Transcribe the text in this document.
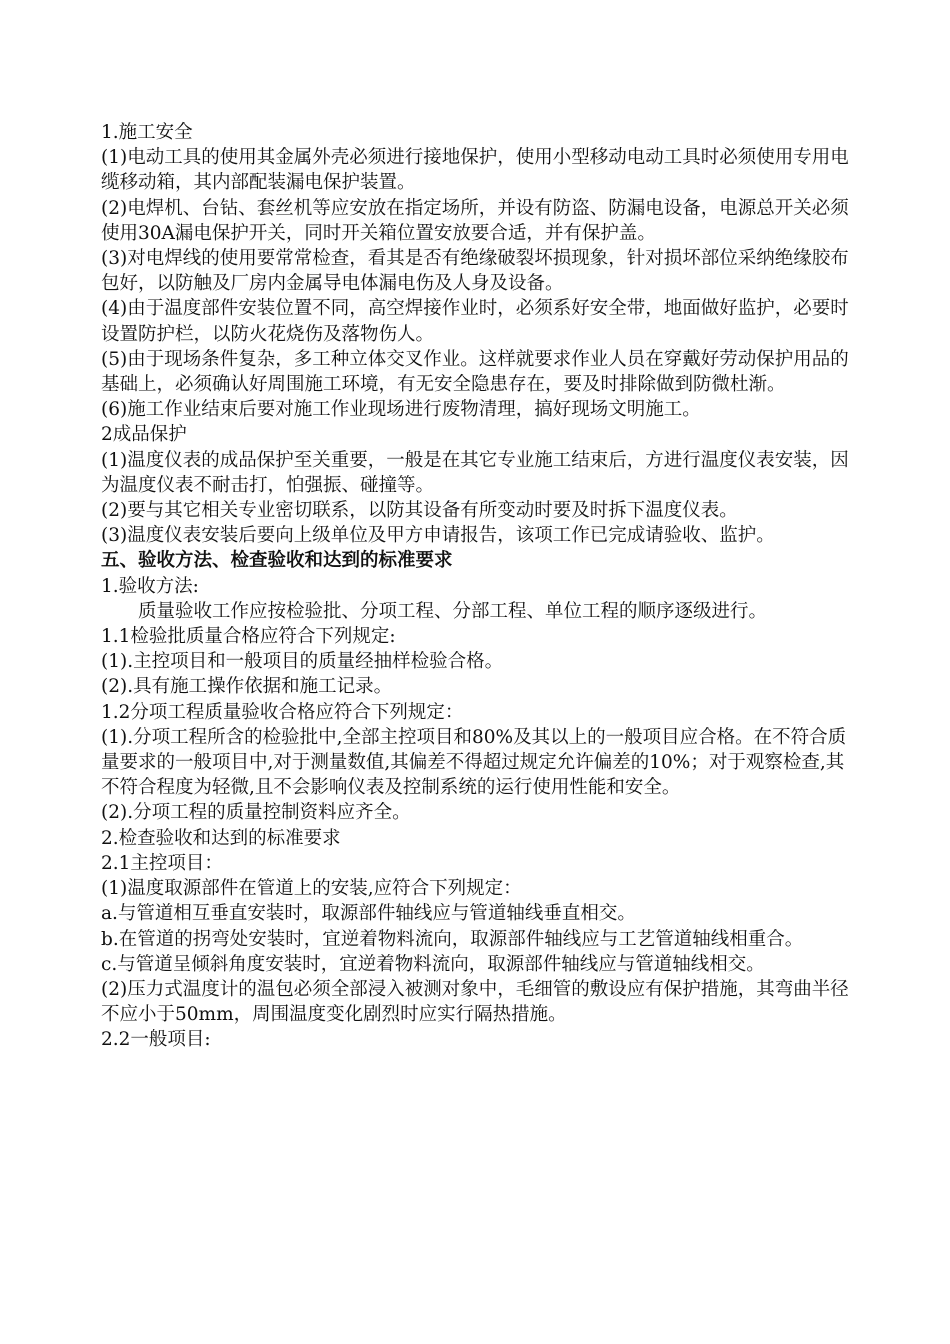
1.施工安全
(1)电动工具的使用其金属外壳必须进行接地保护，使用小型移动电动工具时必须使用专用电缆移动箱，其内部配装漏电保护装置。
(2)电焊机、台钻、套丝机等应安放在指定场所，并设有防盗、防漏电设备，电源总开关必须使用30A漏电保护开关，同时开关箱位置安放要合适，并有保护盖。
(3)对电焊线的使用要常常检查，看其是否有绝缘破裂坏损现象，针对损坏部位采纳绝缘胶布包好，以防触及厂房内金属导电体漏电伤及人身及设备。
(4)由于温度部件安装位置不同，高空焊接作业时，必须系好安全带，地面做好监护，必要时设置防护栏，以防火花烧伤及落物伤人。
(5)由于现场条件复杂，多工种立体交叉作业。这样就要求作业人员在穿戴好劳动保护用品的基础上，必须确认好周围施工环境，有无安全隐患存在，要及时排除做到防微杜渐。
(6)施工作业结束后要对施工作业现场进行废物清理，搞好现场文明施工。
2成品保护
(1)温度仪表的成品保护至关重要，一般是在其它专业施工结束后，方进行温度仪表安装，因为温度仪表不耐击打，怕强振、碰撞等。
(2)要与其它相关专业密切联系，以防其设备有所变动时要及时拆下温度仪表。
(3)温度仪表安装后要向上级单位及甲方申请报告，该项工作已完成请验收、监护。
五、验收方法、检查验收和达到的标准要求
1.验收方法:
质量验收工作应按检验批、分项工程、分部工程、单位工程的顺序逐级进行。
1.1检验批质量合格应符合下列规定:
(1).主控项目和一般项目的质量经抽样检验合格。
(2).具有施工操作依据和施工记录。
1.2分项工程质量验收合格应符合下列规定：
(1).分项工程所含的检验批中,全部主控项目和80%及其以上的一般项目应合格。在不符合质量要求的一般项目中,对于测量数值,其偏差不得超过规定允许偏差的10%；对于观察检查,其不符合程度为轻微,且不会影响仪表及控制系统的运行使用性能和安全。
(2).分项工程的质量控制资料应齐全。
2.检查验收和达到的标准要求
2.1主控项目：
(1)温度取源部件在管道上的安装,应符合下列规定：
a.与管道相互垂直安装时，取源部件轴线应与管道轴线垂直相交。
b.在管道的拐弯处安装时，宜逆着物料流向，取源部件轴线应与工艺管道轴线相重合。
c.与管道呈倾斜角度安装时，宜逆着物料流向，取源部件轴线应与管道轴线相交。
(2)压力式温度计的温包必须全部浸入被测对象中，毛细管的敷设应有保护措施，其弯曲半径不应小于50mm，周围温度变化剧烈时应实行隔热措施。
2.2一般项目:
